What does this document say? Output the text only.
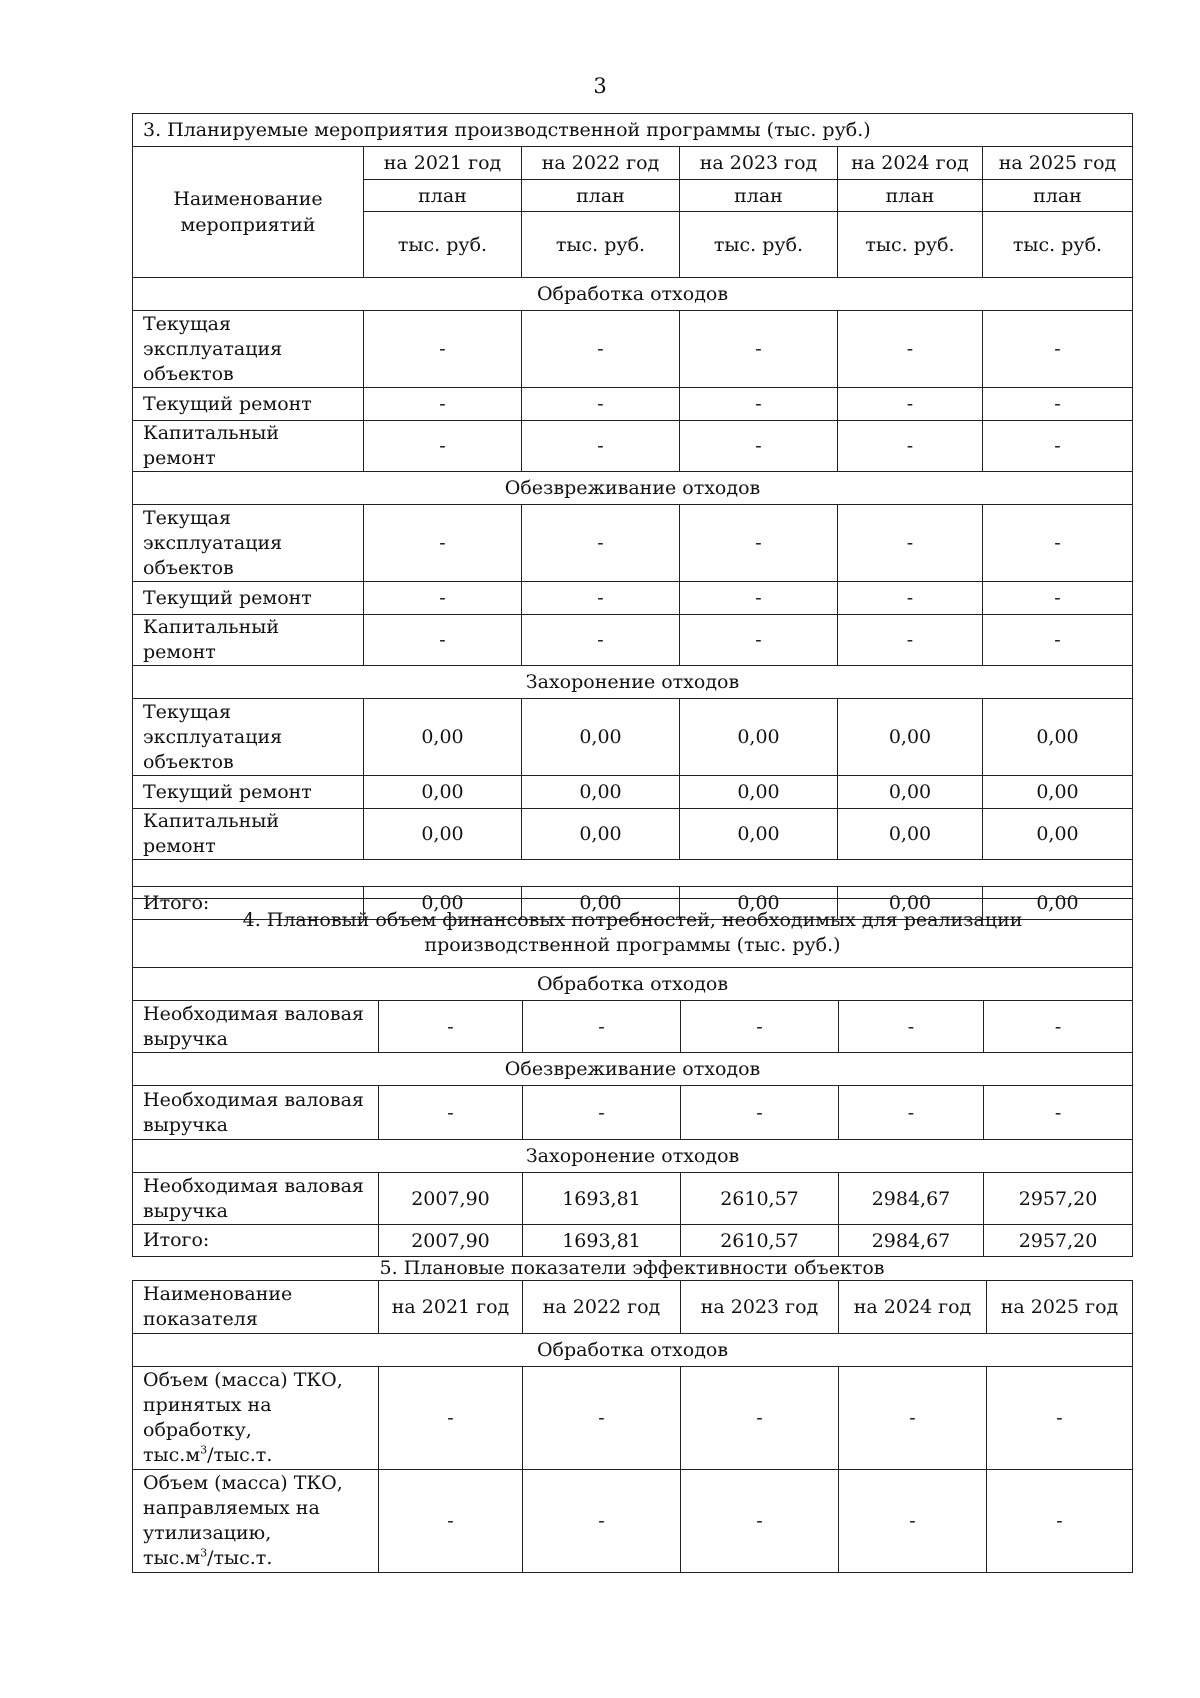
3
3. Планируемые мероприятия производственной программы (тыс. руб.)					
Наименование мероприятий	на 2021 год	на 2022 год	на 2023 год	на 2024 год	на 2025 год
	план	план	план	план	план
	тыс. руб.	тыс. руб.	тыс. руб.	тыс. руб.	тыс. руб.
Обработка отходов					
Текущая эксплуатация объектов	-	-	-	-	-
Текущий ремонт	-	-	-	-	-
Капитальный ремонт	-	-	-	-	-
Обезвреживание отходов					
Текущая эксплуатация объектов	-	-	-	-	-
Текущий ремонт	-	-	-	-	-
Капитальный ремонт	-	-	-	-	-
Захоронение отходов					
Текущая эксплуатация объектов	0,00	0,00	0,00	0,00	0,00
Текущий ремонт	0,00	0,00	0,00	0,00	0,00
Капитальный ремонт	0,00	0,00	0,00	0,00	0,00

Итого:	0,00	0,00	0,00	0,00	0,00
4. Плановый объем финансовых потребностей, необходимых для реализации производственной программы (тыс. руб.)					
Обработка отходов					
Необходимая валовая выручка	-	-	-	-	-
Обезвреживание отходов					
Необходимая валовая выручка	-	-	-	-	-
Захоронение отходов					
Необходимая валовая выручка	2007,90	1693,81	2610,57	2984,67	2957,20
Итого:	2007,90	1693,81	2610,57	2984,67	2957,20
5. Плановые показатели эффективности объектов
Наименование показателя	на 2021 год	на 2022 год	на 2023 год	на 2024 год	на 2025 год
Обработка отходов					

Объем (масса) ТКО,
принятых на
обработку,
$тыс.м^3/тыс.т$.	-	-	-	-	-

Объем (масса) ТКО,
направляемых на
утилизацию,
$тыс.м^3/тыс.т$.	-	-	-	-	-
